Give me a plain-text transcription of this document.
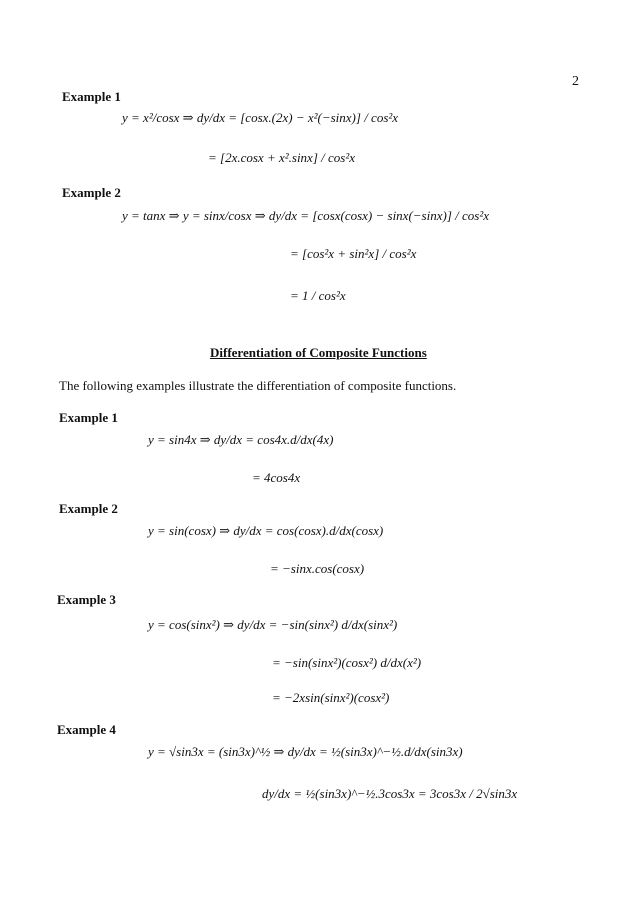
2
Example 1
y = x²/cosx ⇒ dy/dx = [cosx.(2x) − x²(−sinx)] / cos²x
= [2x.cosx + x².sinx] / cos²x
Example 2
y = tanx ⇒ y = sinx/cosx ⇒ dy/dx = [cosx(cosx) − sinx(−sinx)] / cos²x
= [cos²x + sin²x] / cos²x
= 1 / cos²x
Differentiation of Composite Functions
The following examples illustrate the differentiation of composite functions.
Example 1
y = sin4x ⇒ dy/dx = cos4x.d/dx(4x)
= 4cos4x
Example 2
y = sin(cosx) ⇒ dy/dx = cos(cosx).d/dx(cosx)
= −sinx.cos(cosx)
Example 3
y = cos(sinx²) ⇒ dy/dx = −sin(sinx²) d/dx(sinx²)
= −sin(sinx²)(cosx²) d/dx(x²)
= −2xsin(sinx²)(cosx²)
Example 4
y = √sin3x = (sin3x)^½ ⇒ dy/dx = ½(sin3x)^−½.d/dx(sin3x)
dy/dx = ½(sin3x)^−½.3cos3x = 3cos3x / 2√sin3x
